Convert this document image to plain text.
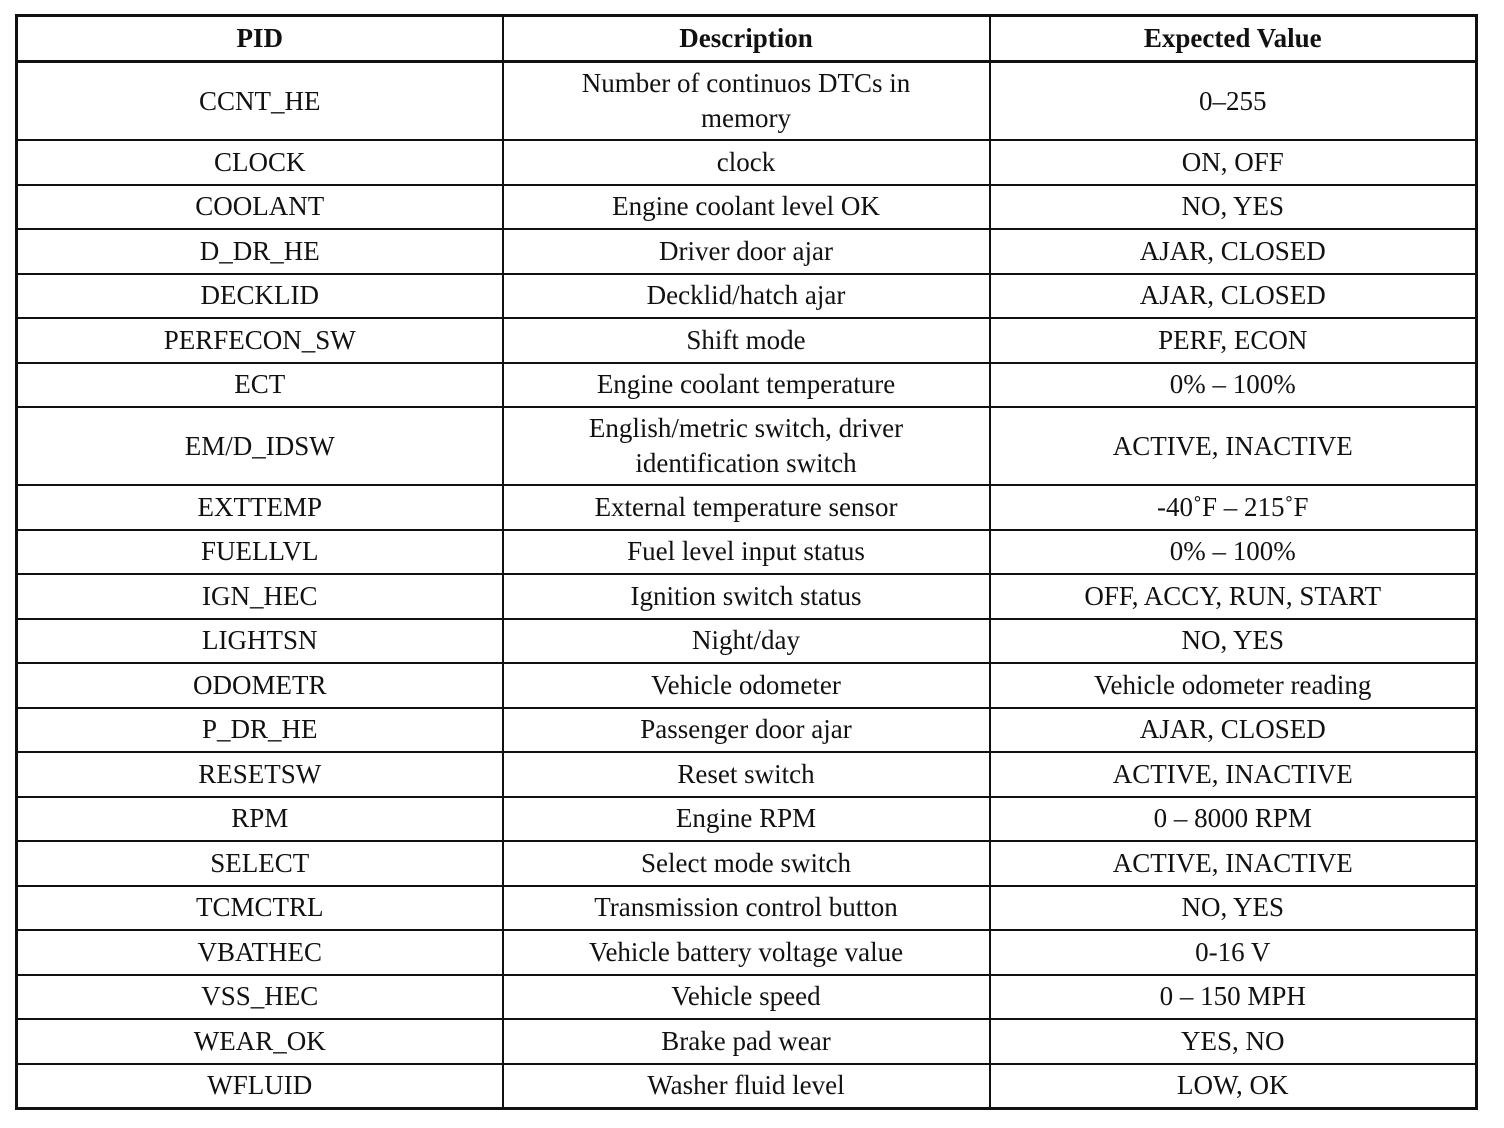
PID	Description	Expected Value
CCNT_HE	Number of continuos DTCs in memory	0–255
CLOCK	clock	ON, OFF
COOLANT	Engine coolant level OK	NO, YES
D_DR_HE	Driver door ajar	AJAR, CLOSED
DECKLID	Decklid/hatch ajar	AJAR, CLOSED
PERFECON_SW	Shift mode	PERF, ECON
ECT	Engine coolant temperature	0% – 100%
EM/D_IDSW	English/metric switch, driver identification switch	ACTIVE, INACTIVE
EXTTEMP	External temperature sensor	-40˚F – 215˚F
FUELLVL	Fuel level input status	0% – 100%
IGN_HEC	Ignition switch status	OFF, ACCY, RUN, START
LIGHTSN	Night/day	NO, YES
ODOMETR	Vehicle odometer	Vehicle odometer reading
P_DR_HE	Passenger door ajar	AJAR, CLOSED
RESETSW	Reset switch	ACTIVE, INACTIVE
RPM	Engine RPM	0 – 8000 RPM
SELECT	Select mode switch	ACTIVE, INACTIVE
TCMCTRL	Transmission control button	NO, YES
VBATHEC	Vehicle battery voltage value	0-16 V
VSS_HEC	Vehicle speed	0 – 150 MPH
WEAR_OK	Brake pad wear	YES, NO
WFLUID	Washer fluid level	LOW, OK
